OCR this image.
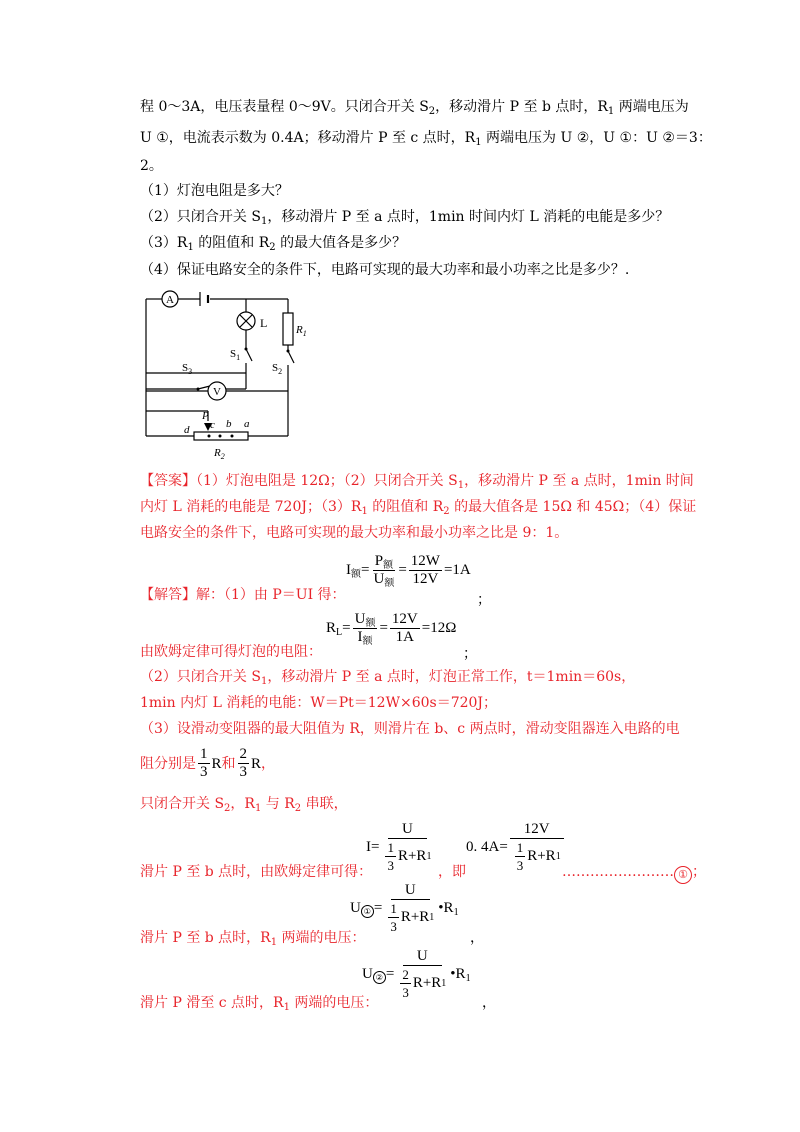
程 0～3A，电压表量程 0～9V。只闭合开关 $S_2$，移动滑片 P 至 b 点时，$R_1$ 两端电压为
U ①，电流表示数为 0.4A；移动滑片 P 至 c 点时，$R_1$ 两端电压为 U ②，U ①：U ②＝3：
2。
（1）灯泡电阻是多大？
（2）只闭合开关 $S_1$，移动滑片 P 至 a 点时，1min 时间内灯 L 消耗的电能是多少？
$(3)R_1$ 的阻值和 $R_2$ 的最大值各是多少？
（4）保证电路安全的条件下，电路可实现的最大功率和最小功率之比是多少？.
A
L
V
$R_1$
$S_1$
$S_2$
$S_3$
P
c b a
d
$R_2$
【答案】（1）灯泡电阻是 12Ω；（2）只闭合开关 $S_1$，移动滑片 P 至 a 点时，1min 时间
内灯 L 消耗的电能是 720J；$(3)R_1$ 的阻值和 $R_2$ 的最大值各是 15Ω 和 45Ω；（4）保证
电路安全的条件下，电路可实现的最大功率和最小功率之比是 9：1。
【解答】解：（1）由 P＝UI 得：
$I_额 = \frac{P_额}{U_额} = \frac{12W}{12V} =1A$
；
由欧姆定律可得灯泡的电阻：
$R_L = \frac{U_额}{I_额} = \frac{12V}{1A} =12\Omega$
；
（2）只闭合开关 $S_1$，移动滑片 P 至 a 点时，灯泡正常工作，t＝1min＝60s，
1min 内灯 L 消耗的电能：W＝Pt＝12W×60s＝720J；
（3）设滑动变阻器的最大阻值为 R，则滑片在 b、c 两点时，滑动变阻器连入电路的电
阻分别是 $\frac{1}{3}$ R 和 $\frac{2}{3}$ R ，
只闭合开关 $S_2$，$R_1$ 与 $R_2$ 串联，
滑片 P 至 b 点时，由欧姆定律可得：
$I= \frac{U}{\frac{1}{3} R+R 1}$ ，即
0. $4A= \frac{12V}{\frac{1}{3} R+R 1}$
…………………… ① ；
滑片 P 至 b 点时，$R_1$ 两端的电压：
U ① = $\frac{U}{\frac{1}{3} R+R 1}$ $•R_1$
，
滑片 P 滑至 c 点时，$R_1$ 两端的电压：
U ② = $\frac{U}{\frac{2}{3} R+R 1}$ $•R_1$
，
